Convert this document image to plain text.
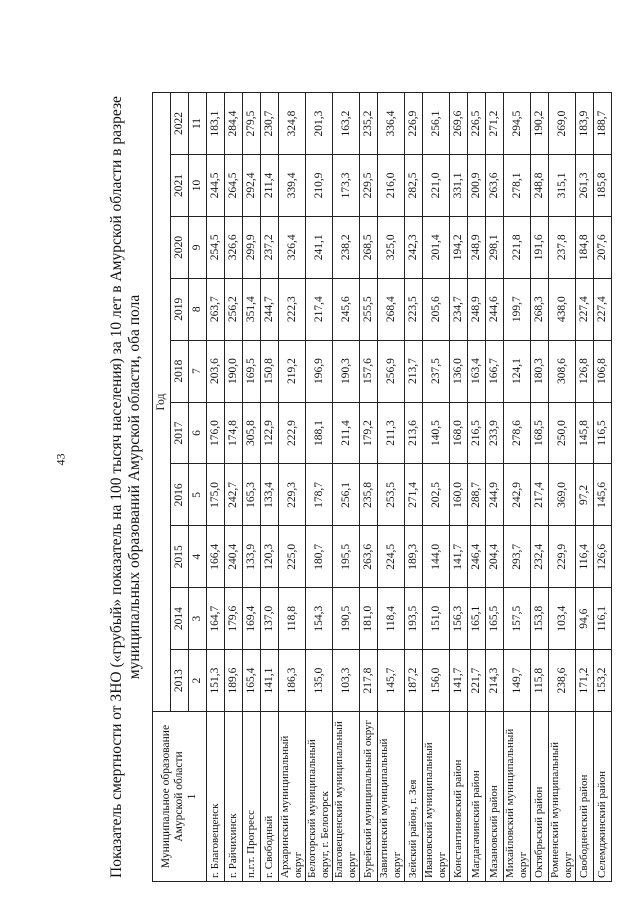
43	Показатель смертности от ЗНО («грубый» показатель на 100 тысяч населения) за 10 лет в Амурской области в разрезе муниципальных образований Амурской области, оба пола
Муниципальное образование Амурской области 1	Год									
	2013	2014	2015	2016	2017	2018	2019	2020	2021	2022
	2	3	4	5	6	7	8	9	10	11
г. Благовещенск	151,3	164,7	166,4	175,0	176,0	203,6	263,7	254,5	244,5	183,1
г. Райчихинск	189,6	179,6	240,4	242,7	174,8	190,0	256,2	326,6	264,5	284,4
п.г.т. Прогресс	165,4	169,4	133,9	165,3	305,8	169,5	351,4	299,9	292,4	279,5
г. Свободный	141,1	137,0	120,3	133,4	122,9	150,8	244,7	237,2	211,4	230,7
Архаринский муниципальный округ	186,3	118,8	225,0	229,3	222,9	219,2	222,3	326,4	339,4	324,8
Белогорский муниципальный округ, г. Белогорск	135,0	154,3	180,7	178,7	188,1	196,9	217,4	241,1	210,9	201,3
Благовещенский муниципальный округ	103,3	190,5	195,5	256,1	211,4	190,3	245,6	238,2	173,3	163,2
Бурейский муниципальный округ	217,8	181,0	263,6	235,8	179,2	157,6	255,5	268,5	229,5	235,2
Завитинский муниципальный округ	145,7	118,4	224,5	253,5	211,3	256,9	268,4	325,0	216,0	336,4
Зейский район, г. Зея	187,2	193,5	189,3	271,4	213,6	213,7	223,5	242,3	282,5	226,9
Ивановский муниципальный округ	156,0	151,0	144,0	202,5	140,5	237,5	205,6	201,4	221,0	256,1
Константиновский район	141,7	156,3	141,7	160,0	168,0	136,0	234,7	194,2	331,1	269,6
Магдагачинский район	221,7	165,1	246,4	288,7	216,5	163,4	248,9	248,9	200,9	226,5
Мазановский район	214,3	165,5	204,4	244,9	233,9	166,7	244,6	298,1	263,6	271,2
Михайловский муниципальный округ	149,7	157,5	293,7	242,9	278,6	124,1	199,7	221,8	278,1	294,5
Октябрьский район	115,8	153,8	232,4	217,4	168,5	180,3	268,3	191,6	248,8	190,2
Ромненский муниципальный округ	238,6	103,4	229,9	369,0	250,0	308,6	438,0	237,8	315,1	269,0
Свободненский район	171,2	94,6	116,4	97,2	145,8	126,8	227,4	184,8	261,3	183,9
Селемджинский район	153,2	116,1	126,6	145,6	116,5	106,8	227,4	207,6	185,8	188,7
